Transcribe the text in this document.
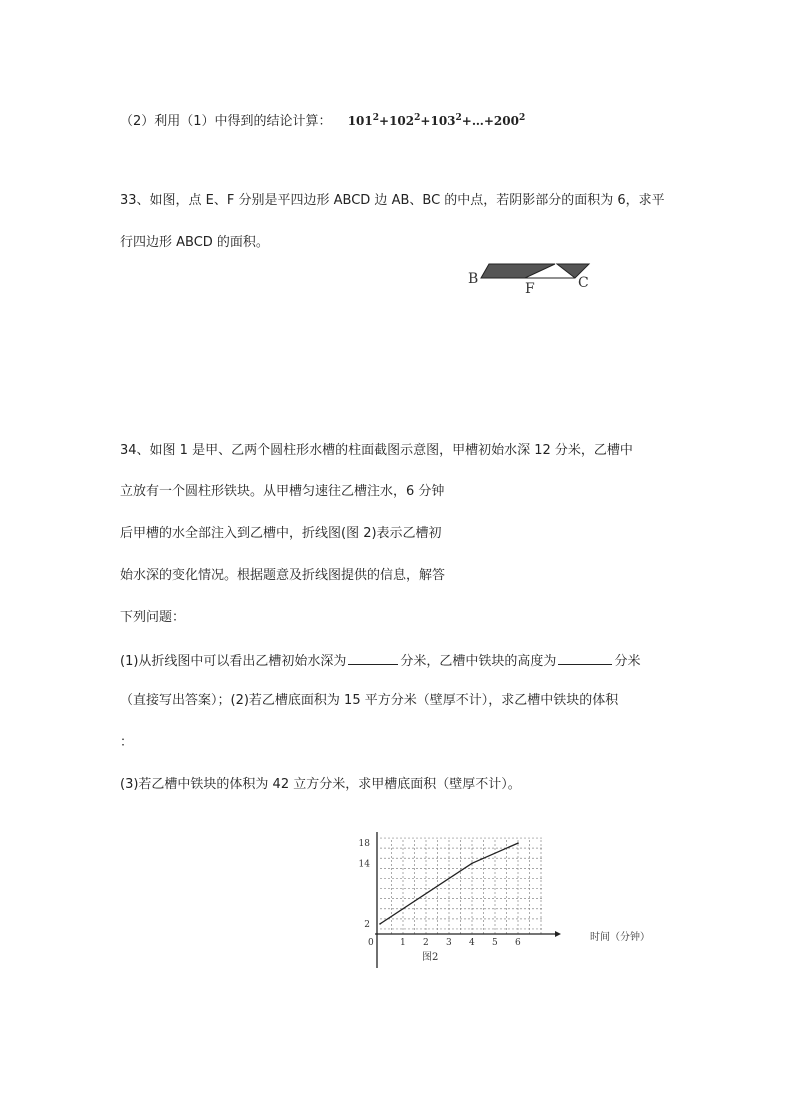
（2）利用（1）中得到的结论计算： $101^2+102^2+103^2+\dots+200^2$
33、如图，点 E、F 分别是平四边形 ABCD 边 AB、BC 的中点，若阴影部分的面积为 6，求平
行四边形 ABCD 的面积。
B
F	C
34、如图 1 是甲、乙两个圆柱形水槽的柱面截图示意图，甲槽初始水深 12 分米，乙槽中
立放有一个圆柱形铁块。从甲槽匀速往乙槽注水，6 分钟
后甲槽的水全部注入到乙槽中，折线图(图 2)表示乙槽初
始水深的变化情况。根据题意及折线图提供的信息，解答
下列问题：
(1)从折线图中可以看出乙槽初始水深为	分米，乙槽中铁块的高度为	分米
（直接写出答案）；(2)若乙槽底面积为 15 平方分米（壁厚不计），求乙槽中铁块的体积
：
(3)若乙槽中铁块的体积为 42 立方分米，求甲槽底面积（壁厚不计）。
0	1 2 3 4 5 6
2
14
18
时间（分钟）
图2
